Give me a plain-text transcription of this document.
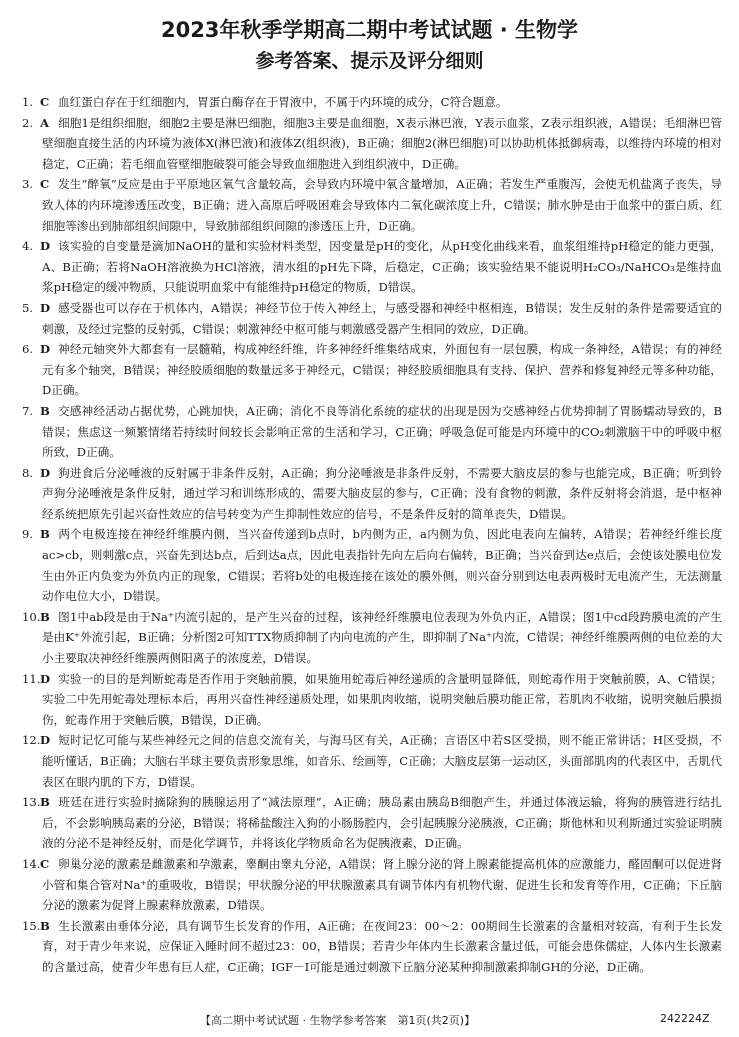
2023年秋季学期高二期中考试试题 · 生物学
参考答案、提示及评分细则
1. C 血红蛋白存在于红细胞内，胃蛋白酶存在于胃液中，不属于内环境的成分，C符合题意。
2. A 细胞1是组织细胞，细胞2主要是淋巴细胞，细胞3主要是血细胞，X表示淋巴液，Y表示血浆，Z表示组织液，A错误；毛细淋巴管壁细胞直接生活的内环境为液体X(淋巴液)和液体Z(组织液)，B正确；细胞2(淋巴细胞)可以协助机体抵御病毒，以维持内环境的相对稳定，C正确；若毛细血管壁细胞破裂可能会导致血细胞进入到组织液中，D正确。
3. C 发生“醉氧”反应是由于平原地区氧气含量较高，会导致内环境中氧含量增加，A正确；若发生严重腹泻，会使无机盐离子丧失，导致人体的内环境渗透压改变，B正确；进入高原后呼吸困难会导致体内二氧化碳浓度上升，C错误；肺水肿是由于血浆中的蛋白质、红细胞等渗出到肺部组织间隙中，导致肺部组织间隙的渗透压上升，D正确。
4. D 该实验的自变量是滴加NaOH的量和实验材料类型，因变量是pH的变化，从pH变化曲线来看，血浆组维持pH稳定的能力更强，A、B正确；若将NaOH溶液换为HCl溶液，清水组的pH先下降，后稳定，C正确；该实验结果不能说明H₂CO₃/NaHCO₃是维持血浆pH稳定的缓冲物质，只能说明血浆中有能维持pH稳定的物质，D错误。
5. D 感受器也可以存在于机体内，A错误；神经节位于传入神经上，与感受器和神经中枢相连，B错误；发生反射的条件是需要适宜的刺激，及经过完整的反射弧，C错误；刺激神经中枢可能与刺激感受器产生相同的效应，D正确。
6. D 神经元轴突外大都套有一层髓鞘，构成神经纤维，许多神经纤维集结成束，外面包有一层包膜，构成一条神经，A错误；有的神经元有多个轴突，B错误；神经胶质细胞的数量远多于神经元，C错误；神经胶质细胞具有支持、保护、营养和修复神经元等多种功能，D正确。
7. B 交感神经活动占据优势，心跳加快，A正确；消化不良等消化系统的症状的出现是因为交感神经占优势抑制了胃肠蠕动导致的，B错误；焦虑这一频繁情绪若持续时间较长会影响正常的生活和学习，C正确；呼吸急促可能是内环境中的CO₂刺激脑干中的呼吸中枢所致，D正确。
8. D 狗进食后分泌唾液的反射属于非条件反射，A正确；狗分泌唾液是非条件反射，不需要大脑皮层的参与也能完成，B正确；听到铃声狗分泌唾液是条件反射，通过学习和训练形成的，需要大脑皮层的参与，C正确；没有食物的刺激，条件反射将会消退，是中枢神经系统把原先引起兴奋性效应的信号转变为产生抑制性效应的信号，不是条件反射的简单丧失，D错误。
9. B 两个电极连接在神经纤维膜内侧，当兴奋传递到b点时，b内侧为正，a内侧为负，因此电表向左偏转，A错误；若神经纤维长度ac>cb，则刺激c点，兴奋先到达b点，后到达a点，因此电表指针先向左后向右偏转，B正确；当兴奋到达e点后，会使该处膜电位发生由外正内负变为外负内正的现象，C错误；若将b处的电极连接在该处的膜外侧，则兴奋分别到达电表两极时无电流产生，无法测量动作电位大小，D错误。
10.B 图1中ab段是由于Na⁺内流引起的，是产生兴奋的过程，该神经纤维膜电位表现为外负内正，A错误；图1中cd段跨膜电流的产生是由K⁺外流引起，B正确；分析图2可知TTX物质抑制了内向电流的产生，即抑制了Na⁺内流，C错误；神经纤维膜两侧的电位差的大小主要取决神经纤维膜两侧阳离子的浓度差，D错误。
11.D 实验一的目的是判断蛇毒是否作用于突触前膜，如果施用蛇毒后神经递质的含量明显降低，则蛇毒作用于突触前膜，A、C错误；实验二中先用蛇毒处理标本后，再用兴奋性神经递质处理，如果肌肉收缩，说明突触后膜功能正常，若肌肉不收缩，说明突触后膜损伤，蛇毒作用于突触后膜，B错误，D正确。
12.D 短时记忆可能与某些神经元之间的信息交流有关，与海马区有关，A正确；言语区中若S区受损，则不能正常讲话；H区受损，不能听懂话，B正确；大脑右半球主要负责形象思维，如音乐、绘画等，C正确；大脑皮层第一运动区，头面部肌肉的代表区中，舌肌代表区在眼内肌的下方，D错误。
13.B 班廷在进行实验时摘除狗的胰腺运用了“减法原理”，A正确；胰岛素由胰岛B细胞产生，并通过体液运输，将狗的胰管进行结扎后，不会影响胰岛素的分泌，B错误；将稀盐酸注入狗的小肠肠腔内，会引起胰腺分泌胰液，C正确；斯他林和贝利斯通过实验证明胰液的分泌不是神经反射，而是化学调节，并将该化学物质命名为促胰液素，D正确。
14.C 卵巢分泌的激素是雌激素和孕激素，睾酮由睾丸分泌，A错误；肾上腺分泌的肾上腺素能提高机体的应激能力，醛固酮可以促进肾小管和集合管对Na⁺的重吸收，B错误；甲状腺分泌的甲状腺激素具有调节体内有机物代谢、促进生长和发育等作用，C正确；下丘脑分泌的激素为促肾上腺素释放激素，D错误。
15.B 生长激素由垂体分泌，具有调节生长发育的作用，A正确；在夜间23：00～2：00期间生长激素的含量相对较高，有利于生长发育，对于青少年来说，应保证入睡时间不超过23：00，B错误；若青少年体内生长激素含量过低，可能会患侏儒症，人体内生长激素的含量过高，使青少年患有巨人症，C正确；IGF－Ⅰ可能是通过刺激下丘脑分泌某种抑制激素抑制GH的分泌，D正确。
【高二期中考试试题 · 生物学参考答案　第1页(共2页)】	242224Z
